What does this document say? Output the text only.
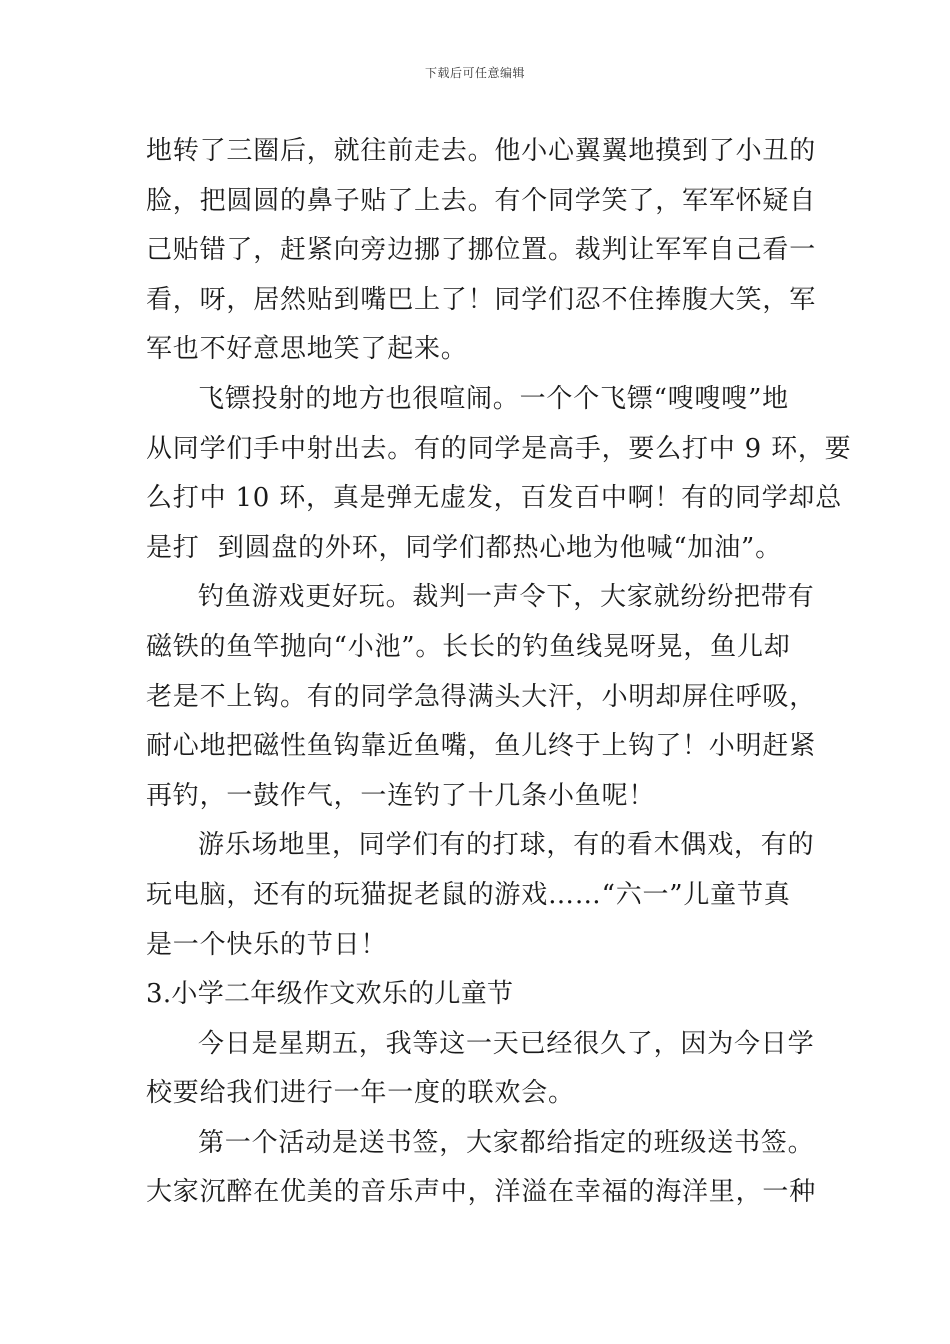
下载后可任意编辑
地转了三圈后，就往前走去。他小心翼翼地摸到了小丑的
脸，把圆圆的鼻子贴了上去。有个同学笑了，军军怀疑自
己贴错了，赶紧向旁边挪了挪位置。裁判让军军自己看一
看，呀，居然贴到嘴巴上了！同学们忍不住捧腹大笑，军
军也不好意思地笑了起来。
飞镖投射的地方也很喧闹。一个个飞镖“嗖嗖嗖”地
从同学们手中射出去。有的同学是高手，要么打中 9 环，要
么打中 10 环，真是弹无虚发，百发百中啊！有的同学却总
是打  到圆盘的外环，同学们都热心地为他喊“加油”。
钓鱼游戏更好玩。裁判一声令下，大家就纷纷把带有
磁铁的鱼竿抛向“小池”。长长的钓鱼线晃呀晃，鱼儿却
老是不上钩。有的同学急得满头大汗，小明却屏住呼吸，
耐心地把磁性鱼钩靠近鱼嘴，鱼儿终于上钩了！小明赶紧
再钓，一鼓作气，一连钓了十几条小鱼呢！
游乐场地里，同学们有的打球，有的看木偶戏，有的
玩电脑，还有的玩猫捉老鼠的游戏……“六一”儿童节真
是一个快乐的节日！
3.小学二年级作文欢乐的儿童节
今日是星期五，我等这一天已经很久了，因为今日学
校要给我们进行一年一度的联欢会。
第一个活动是送书签，大家都给指定的班级送书签。
大家沉醉在优美的音乐声中，洋溢在幸福的海洋里，一种
